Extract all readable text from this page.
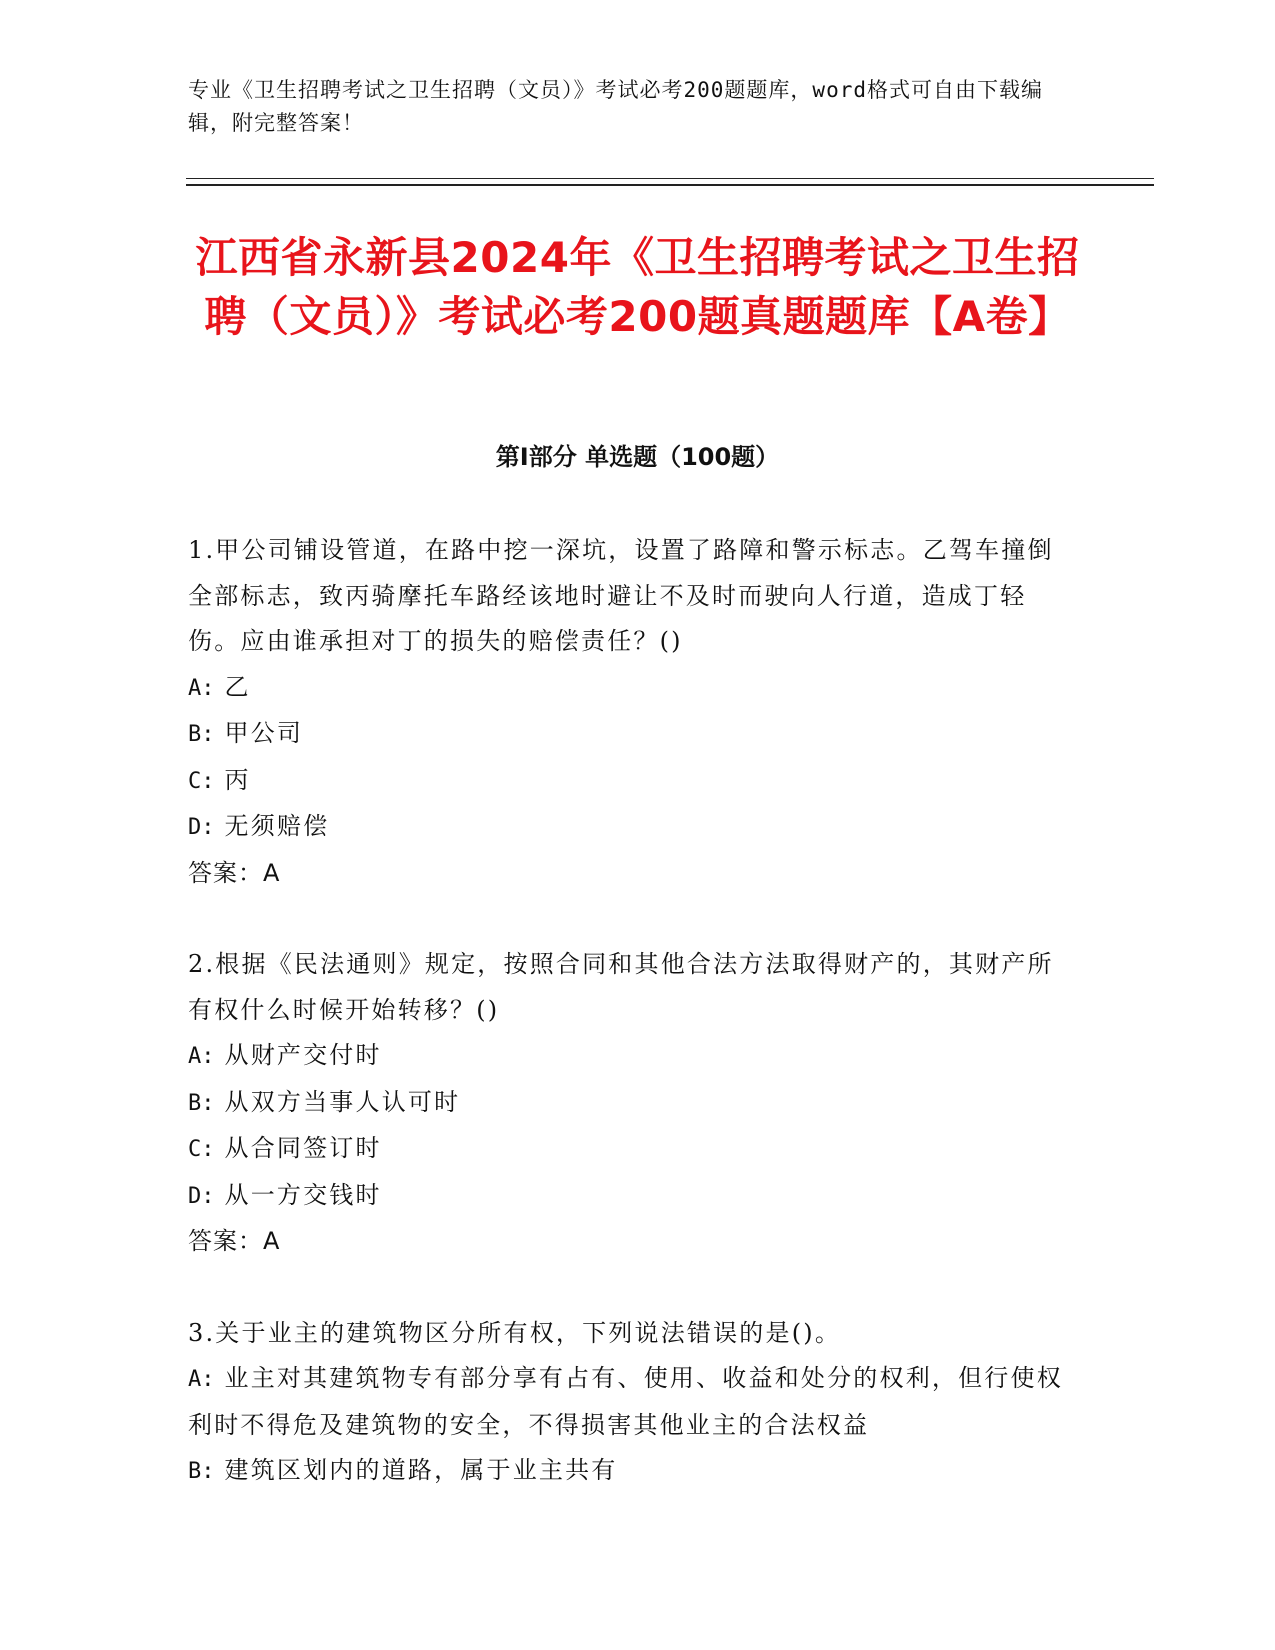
专业《卫生招聘考试之卫生招聘（文员）》考试必考200题题库，word格式可自由下载编辑，附完整答案！
江西省永新县2024年《卫生招聘考试之卫生招聘（文员）》考试必考200题真题题库【A卷】
第Ⅰ部分 单选题（100题）
1.甲公司铺设管道，在路中挖一深坑，设置了路障和警示标志。乙驾车撞倒全部标志，致丙骑摩托车路经该地时避让不及时而驶向人行道，造成丁轻伤。应由谁承担对丁的损失的赔偿责任？()
A: 乙
B: 甲公司
C: 丙
D: 无须赔偿
答案：A
2.根据《民法通则》规定，按照合同和其他合法方法取得财产的，其财产所有权什么时候开始转移？()
A: 从财产交付时
B: 从双方当事人认可时
C: 从合同签订时
D: 从一方交钱时
答案：A
3.关于业主的建筑物区分所有权，下列说法错误的是()。
A: 业主对其建筑物专有部分享有占有、使用、收益和处分的权利，但行使权利时不得危及建筑物的安全，不得损害其他业主的合法权益
B: 建筑区划内的道路，属于业主共有
